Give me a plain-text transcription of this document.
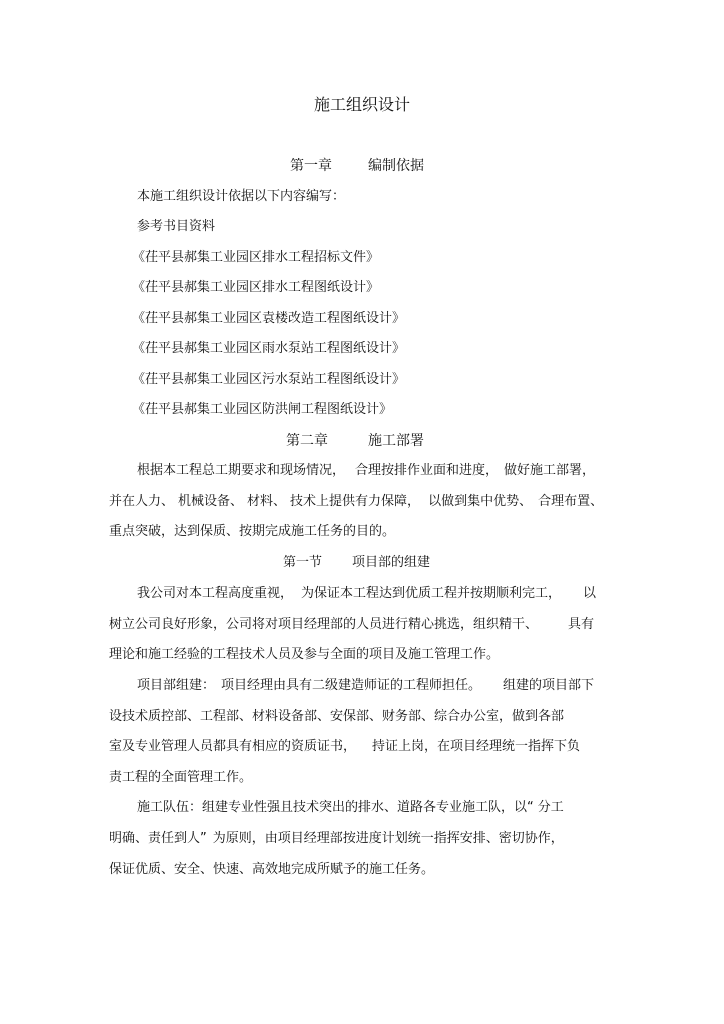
施工组织设计
第一章	编制依据
本施工组织设计依据以下内容编写：
参考书目资料
《茌平县郝集工业园区排水工程招标文件》
《茌平县郝集工业园区排水工程图纸设计》
《茌平县郝集工业园区袁楼改造工程图纸设计》
《茌平县郝集工业园区雨水泵站工程图纸设计》
《茌平县郝集工业园区污水泵站工程图纸设计》
《茌平县郝集工业园区防洪闸工程图纸设计》
第二章	施工部署
根据本工程总工期要求和现场情况， 合理按排作业面和进度， 做好施工部署，
并在人力、 机械设备、 材料、 技术上提供有力保障， 以做到集中优势、 合理布置、
重点突破，达到保质、按期完成施工任务的目的。
第一节 项目部的组建
我公司对本工程高度重视， 为保证本工程达到优质工程并按期顺利完工， 以
树立公司良好形象，公司将对项目经理部的人员进行精心挑选，组织精干、 具有
理论和施工经验的工程技术人员及参与全面的项目及施工管理工作。
项目部组建： 项目经理由具有二级建造师证的工程师担任。 组建的项目部下
设技术质控部、工程部、材料设备部、安保部、财务部、综合办公室，做到各部
室及专业管理人员都具有相应的资质证书， 持证上岗，在项目经理统一指挥下负
责工程的全面管理工作。
施工队伍：组建专业性强且技术突出的排水、道路各专业施工队，以“ 分工
明确、责任到人” 为原则，由项目经理部按进度计划统一指挥安排、密切协作，
保证优质、安全、快速、高效地完成所赋予的施工任务。
